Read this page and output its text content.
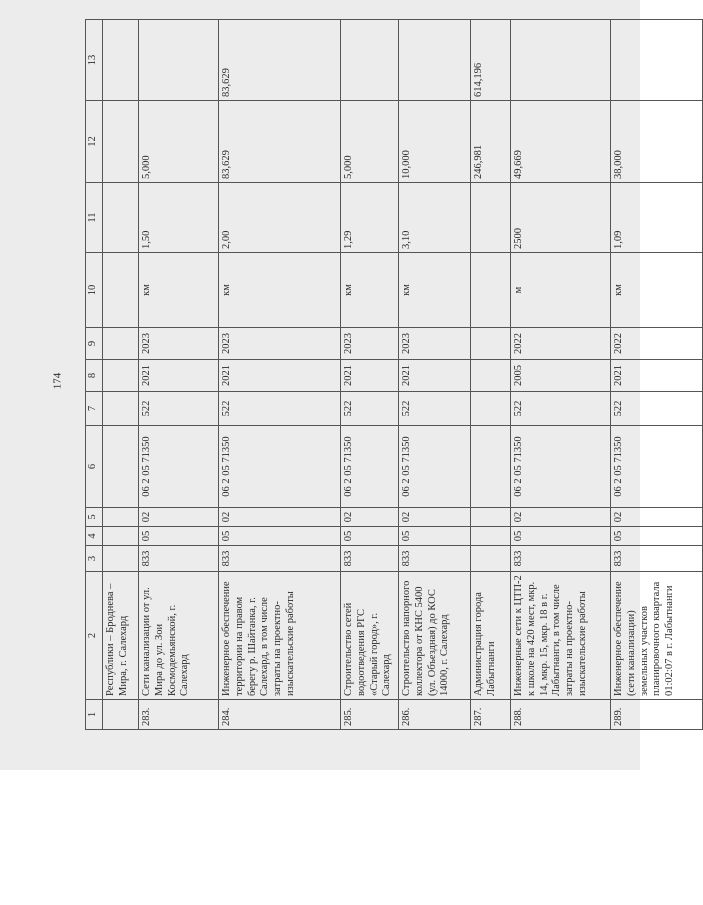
174
1	2	3	4	5	6	7	8	9	10	11	12	13
	Республики – Броднева – Мира, г. Салехард											
283.	Сети канализации от ул. Мира до ул. Зои Космодемьянской, г. Салехард	833	05	02	06 2 05 71350	522	2021	2023	км	1,50	5,000	
284.	Инженерное обеспечение территории на правом берегу р. Шайтанка, г. Салехард, в том числе затраты на проектно-изыскательские работы	833	05	02	06 2 05 71350	522	2021	2023	км	2,00	83,629	83,629
285.	Строительство сетей водоотведения РГС «Старый город», г. Салехард	833	05	02	06 2 05 71350	522	2021	2023	км	1,29	5,000	
286.	Строительство напорного коллектора от КНС 5400 (ул. Объездная) до КОС 14000, г. Салехард	833	05	02	06 2 05 71350	522	2021	2023	км	3,10	10,000	
287.	Администрация города Лабытнанги										246,981	614,196
288.	Инженерные сети к ЦТП-2 к школе на 420 мест, мкр. 14, мкр. 15, мкр. 18 в г. Лабытнанги, в том числе затраты на проектно-изыскательские работы	833	05	02	06 2 05 71350	522	2005	2022	м	2500	49,669	
289.	Инженерное обеспечение (сети канализации) земельных участков планировочного квартала 01:02:07 в г. Лабытнанги	833	05	02	06 2 05 71350	522	2021	2022	км	1,09	38,000	
